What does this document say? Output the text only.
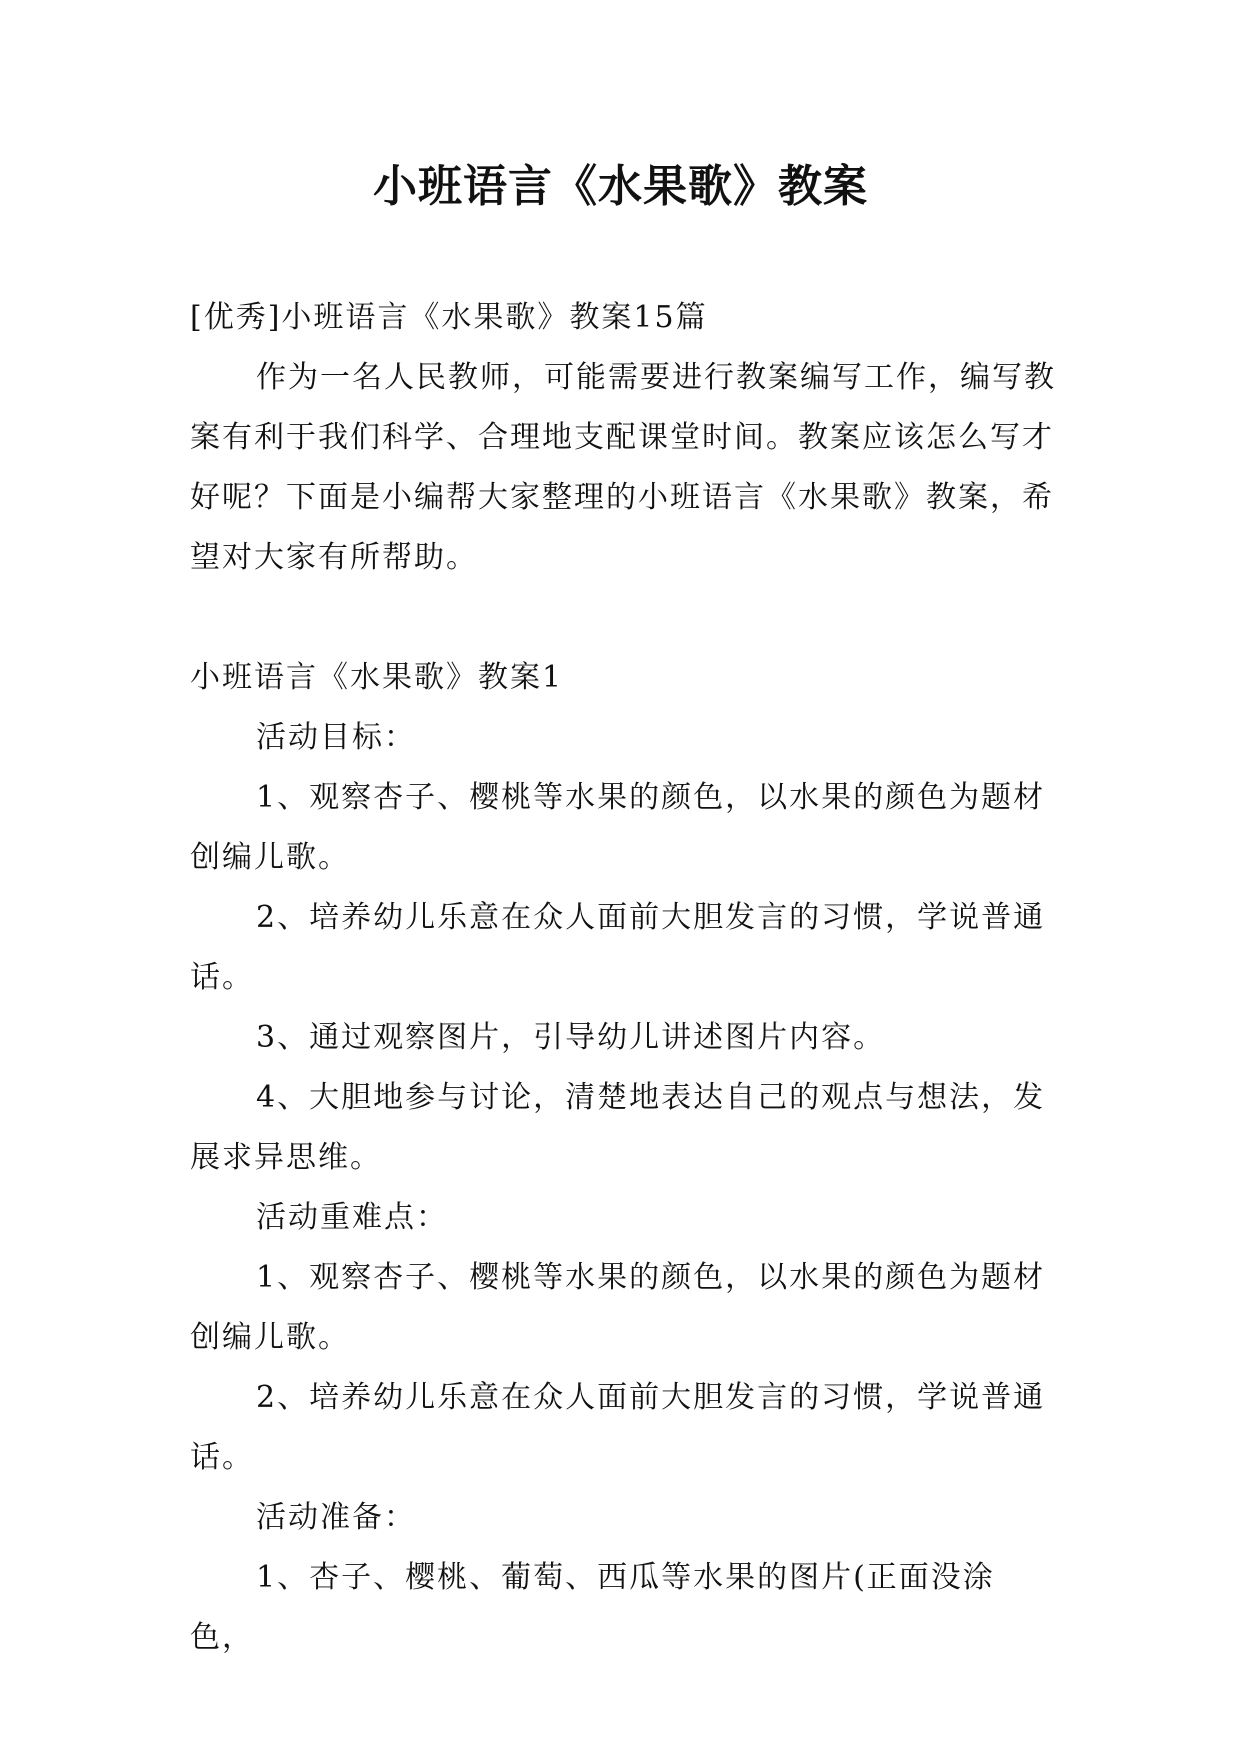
小班语言《水果歌》教案

[优秀]小班语言《水果歌》教案15篇

作为一名人民教师，可能需要进行教案编写工作，编写教案有利于我们科学、合理地支配课堂时间。教案应该怎么写才好呢？下面是小编帮大家整理的小班语言《水果歌》教案，希望对大家有所帮助。

小班语言《水果歌》教案1

活动目标：

1、观察杏子、樱桃等水果的颜色，以水果的颜色为题材创编儿歌。

2、培养幼儿乐意在众人面前大胆发言的习惯，学说普通话。

3、通过观察图片，引导幼儿讲述图片内容。

4、大胆地参与讨论，清楚地表达自己的观点与想法，发展求异思维。

活动重难点：

1、观察杏子、樱桃等水果的颜色，以水果的颜色为题材创编儿歌。

2、培养幼儿乐意在众人面前大胆发言的习惯，学说普通话。

活动准备：

1、杏子、樱桃、葡萄、西瓜等水果的图片(正面没涂色，
